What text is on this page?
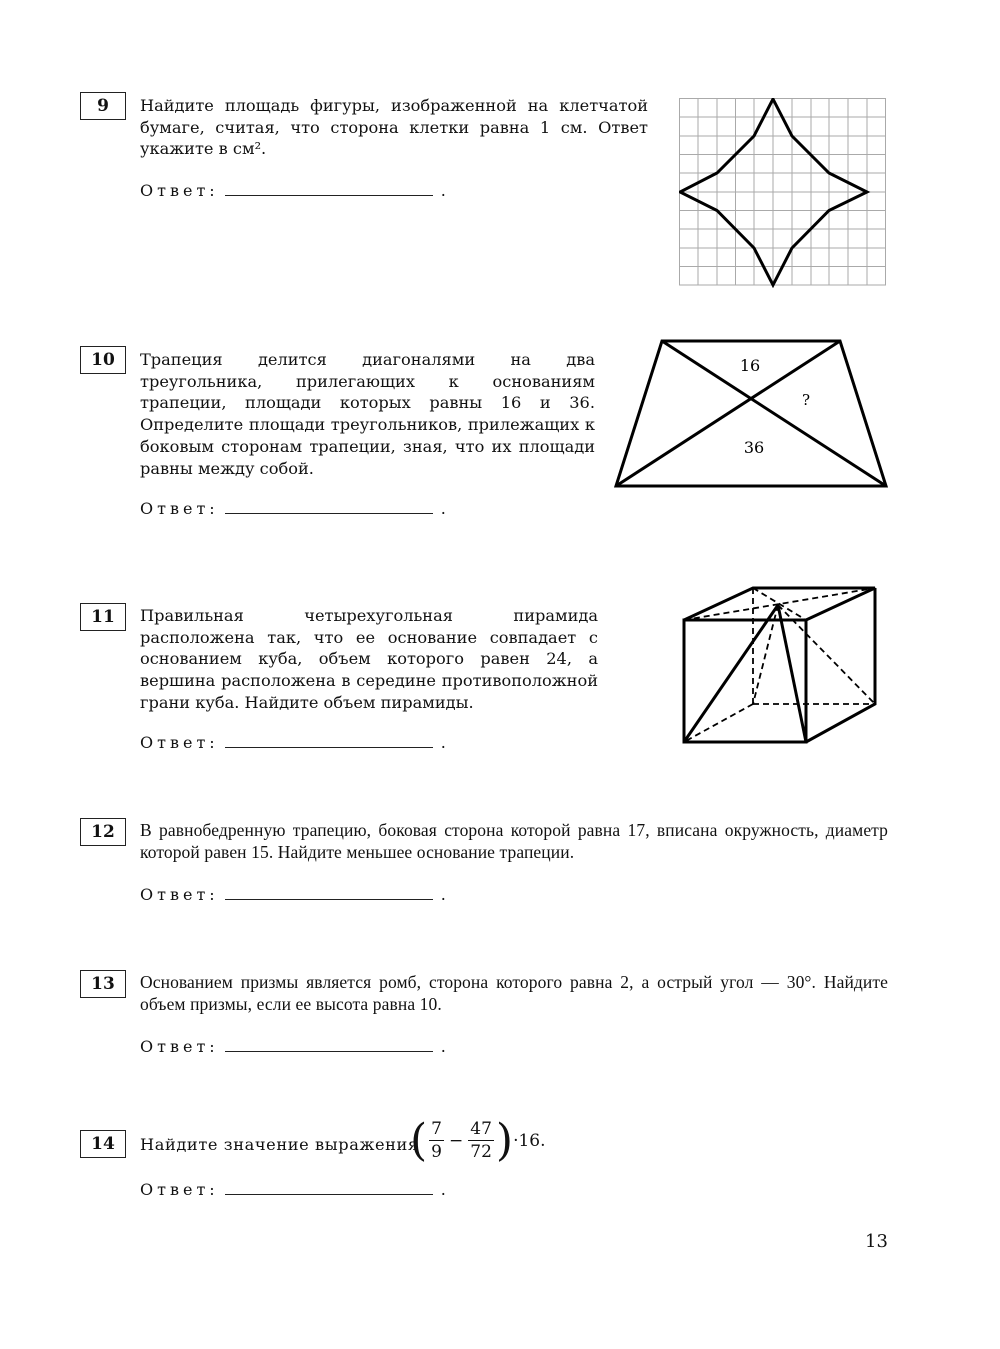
9	Найдите площадь фигуры, изображенной на клетчатой бумаге, считая, что сторона клетки равна 1 см. Ответ укажите в см².
Ответ:	.
10	Трапеция делится диагоналями на два треугольника, прилегающих к основаниям трапеции, площади которых равны 16 и 36. Определите площади треугольников, прилежащих к боковым сторонам трапеции, зная, что их площади равны между собой.
Ответ:	.
16
?
36
11	Правильная четырехугольная пирамида расположена так, что ее основание совпадает с основанием куба, объем которого равен 24, а вершина расположена в середине противоположной грани куба. Найдите объем пирамиды.
Ответ:	.
12	В равнобедренную трапецию, боковая сторона которой равна 17, вписана окружность, диаметр которой равен 15. Найдите меньшее основание трапеции.
Ответ:	.
13	Основанием призмы является ромб, сторона которого равна 2, а острый угол — 30°. Найдите объем призмы, если ее высота равна 10.
Ответ:	.
14	Найдите значение выражения
( $\frac{7}{9} - \frac{47}{72}$ ) ·16.
Ответ:	.
13
